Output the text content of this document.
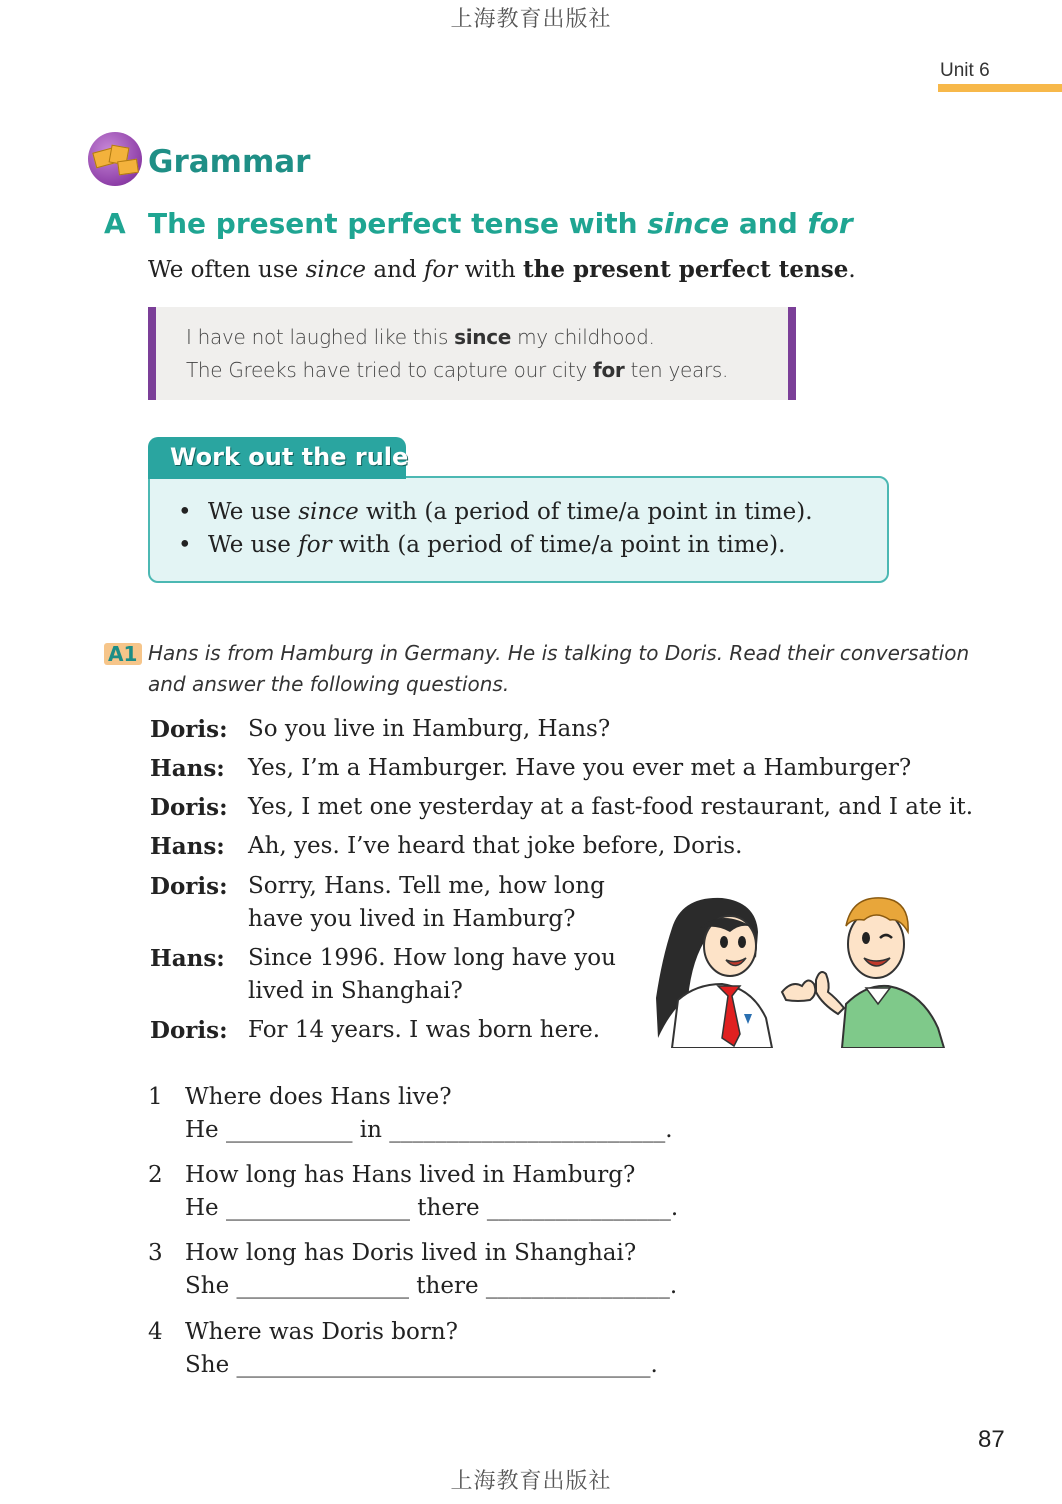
上海教育出版社
Unit 6
Grammar
A The present perfect tense with since and for
We often use since and for with the present perfect tense.
I have not laughed like this since my childhood.
The Greeks have tried to capture our city for ten years.
• We use since with (a period of time/a point in time).
• We use for with (a period of time/a point in time).
Work out the rule
A1 Hans is from Hamburg in Germany. He is talking to Doris. Read their conversation
and answer the following questions.
Doris: So you live in Hamburg, Hans?
Hans: Yes, I’m a Hamburger. Have you ever met a Hamburger?
Doris: Yes, I met one yesterday at a fast-food restaurant, and I ate it.
Hans: Ah, yes. I’ve heard that joke before, Doris.
Doris: Sorry, Hans. Tell me, how long
have you lived in Hamburg?
Hans: Since 1996. How long have you
lived in Shanghai?
Doris: For 14 years. I was born here.
1 Where does Hans live?
He ___________ in ________________________.
2 How long has Hans lived in Hamburg?
He ________________ there ________________.
3 How long has Doris lived in Shanghai?
She _______________ there ________________.
4 Where was Doris born?
She ____________________________________.
87
上海教育出版社
